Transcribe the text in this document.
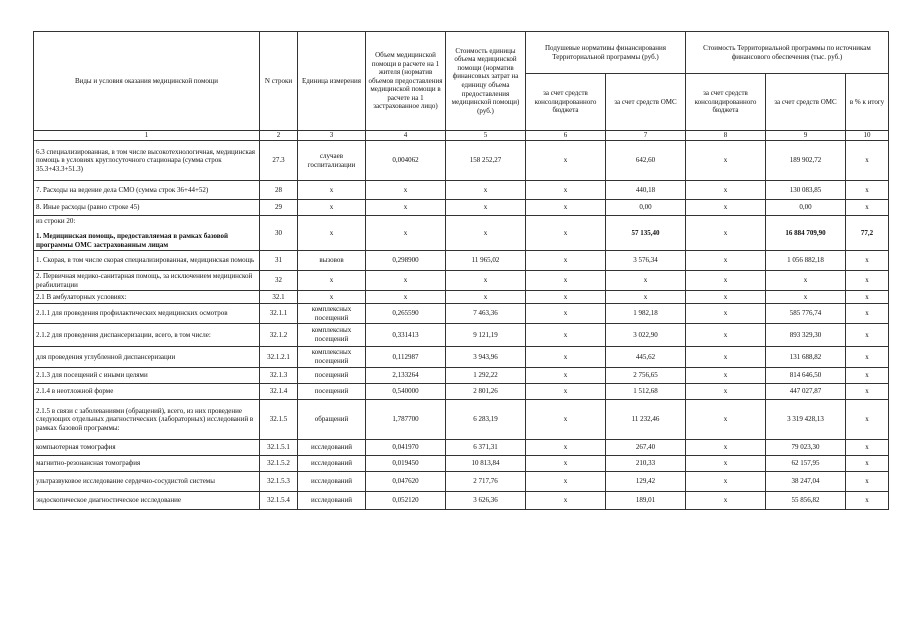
Виды и условия оказания медицинской помощи	N строки	Единица измерения	Объем медицинской помощи в расчете на 1 жителя (норматив объемов предоставления медицинской помощи в расчете на 1 застрахованное лицо)	Стоимость единицы объема медицинской помощи (норматив финансовых затрат на единицу объема предоставления медицинской помощи) (руб.)	Подушевые нормативы финансирования Территориальной программы (руб.)		Стоимость Территориальной программы по источникам финансового обеспечения (тыс. руб.)		
					за счет средств консолидированного бюджета	за счет средств ОМС	за счет средств консолидированного бюджета	за счет средств ОМС	в % к итогу
1	2	3	4	5	6	7	8	9	10
6.3 специализированная, в том числе высокотехнологичная, медицинская помощь в условиях круглосуточного стационара (сумма строк 35.3+43.3+51.3)	27.3	случаев госпитализации	0,004062	158 252,27	х	642,60	х	189 902,72	х
7. Расходы на ведение дела СМО (сумма строк 36+44+52)	28	х	х	х	х	440,18	х	130 083,85	х
8. Иные расходы (равно строке 45)	29	х	х	х	х	0,00	х	0,00	х
из строки 20:
1. Медицинская помощь, предоставляемая в рамках базовой программы ОМС застрахованным лицам	30	х	х	х	х	57 135,40	х	16 884 709,90	77,2
1. Скорая, в том числе скорая специализированная, медицинская помощь	31	вызовов	0,298900	11 965,02	х	3 576,34	х	1 056 882,18	х
2. Первичная медико-санитарная помощь, за исключением медицинской реабилитации	32	х	х	х	х	х	х	х	х
2.1 В амбулаторных условиях:	32.1	х	х	х	х	х	х	х	х
2.1.1 для проведения профилактических медицинских осмотров	32.1.1	комплексных посещений	0,265590	7 463,36	х	1 982,18	х	585 776,74	х
2.1.2 для проведения диспансеризации, всего, в том числе:	32.1.2	комплексных посещений	0,331413	9 121,19	х	3 022,90	х	893 329,30	х
для проведения углубленной диспансеризации	32.1.2.1	комплексных посещений	0,112987	3 943,96	х	445,62	х	131 688,82	х
2.1.3 для посещений с иными целями	32.1.3	посещений	2,133264	1 292,22	х	2 756,65	х	814 646,50	х
2.1.4 в неотложной форме	32.1.4	посещений	0,540000	2 801,26	х	1 512,68	х	447 027,87	х
2.1.5 в связи с заболеваниями (обращений), всего, из них проведение следующих отдельных диагностических (лабораторных) исследований в рамках базовой программы:	32.1.5	обращений	1,787700	6 283,19	х	11 232,46	х	3 319 428,13	х
компьютерная томография	32.1.5.1	исследований	0,041970	6 371,31	х	267,40	х	79 023,30	х
магнитно-резонансная томография	32.1.5.2	исследований	0,019450	10 813,84	х	210,33	х	62 157,95	х
ультразвуковое исследование сердечно-сосудистой системы	32.1.5.3	исследований	0,047620	2 717,76	х	129,42	х	38 247,04	х
эндоскопическое диагностическое исследование	32.1.5.4	исследований	0,052120	3 626,36	х	189,01	х	55 856,82	х
